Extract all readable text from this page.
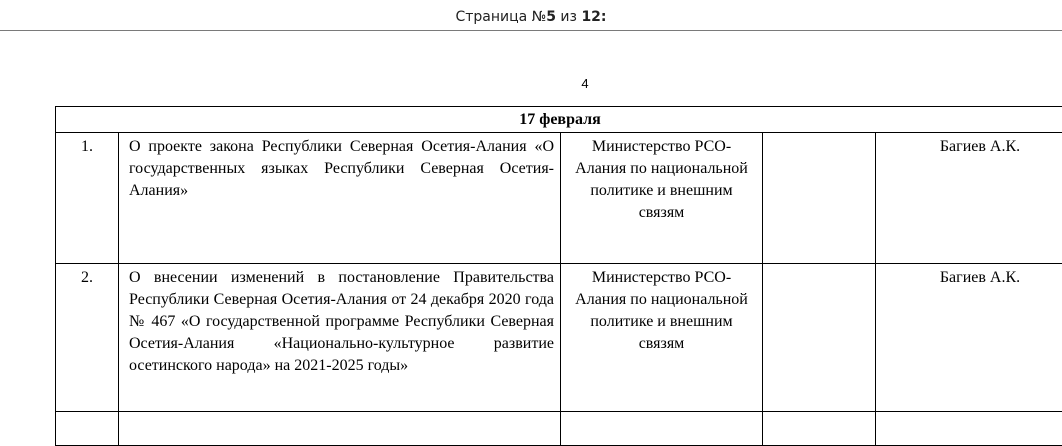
Страница №5 из 12:
4
17 февраля				
1.	О проекте закона Республики Северная Осетия-Алания «О государственных языках Республики Северная Осетия-Алания»	Министерство РСО-Алания по национальной политике и внешним связям		Багиев А.К.

2.	О внесении изменений в постановление Правительства Республики Северная Осетия-Алания от 24 декабря 2020 года № 467 «О государственной программе Республики Северная Осетия-Алания «Национально-культурное развитие осетинского народа» на 2021-2025 годы»	Министерство РСО-Алания по национальной политике и внешним связям		Багиев А.К.
